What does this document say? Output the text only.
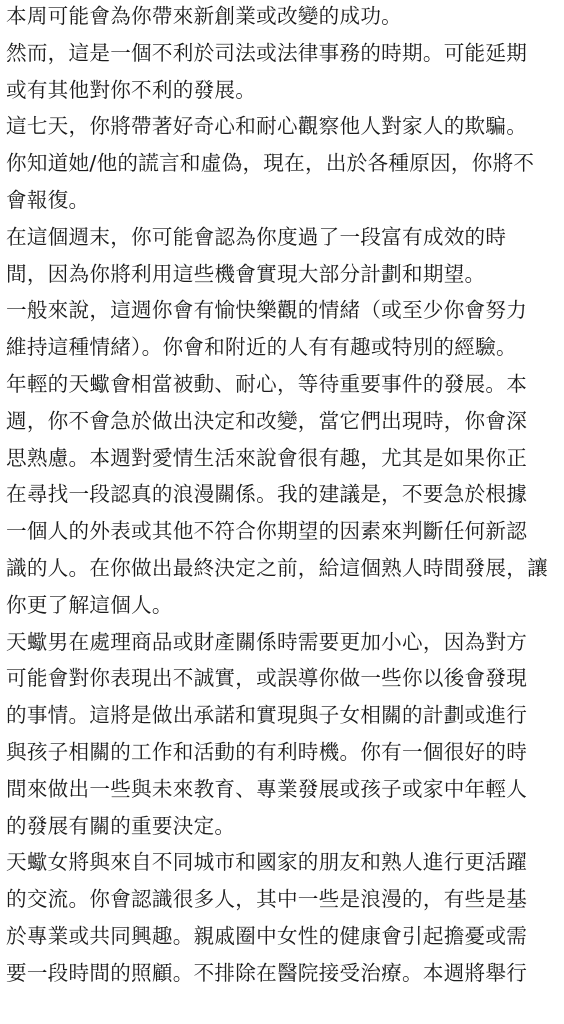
本周可能會為你帶來新創業或改變的成功。
然而，這是一個不利於司法或法律事務的時期。可能延期
或有其他對你不利的發展。
這七天，你將帶著好奇心和耐心觀察他人對家人的欺騙。
你知道她/他的謊言和虛偽，現在，出於各種原因，你將不
會報復。
在這個週末，你可能會認為你度過了一段富有成效的時
間，因為你將利用這些機會實現大部分計劃和期望。
一般來說，這週你會有愉快樂觀的情緒（或至少你會努力
維持這種情緒）。你會和附近的人有有趣或特別的經驗。
年輕的天蠍會相當被動、耐心，等待重要事件的發展。本
週，你不會急於做出決定和改變，當它們出現時，你會深
思熟慮。本週對愛情生活來說會很有趣，尤其是如果你正
在尋找一段認真的浪漫關係。我的建議是，不要急於根據
一個人的外表或其他不符合你期望的因素來判斷任何新認
識的人。在你做出最終決定之前，給這個熟人時間發展，讓
你更了解這個人。
天蠍男在處理商品或財產關係時需要更加小心，因為對方
可能會對你表現出不誠實，或誤導你做一些你以後會發現
的事情。這將是做出承諾和實現與子女相關的計劃或進行
與孩子相關的工作和活動的有利時機。你有一個很好的時
間來做出一些與未來教育、專業發展或孩子或家中年輕人
的發展有關的重要決定。
天蠍女將與來自不同城市和國家的朋友和熟人進行更活躍
的交流。你會認識很多人，其中一些是浪漫的，有些是基
於專業或共同興趣。親戚圈中女性的健康會引起擔憂或需
要一段時間的照顧。不排除在醫院接受治療。本週將舉行
